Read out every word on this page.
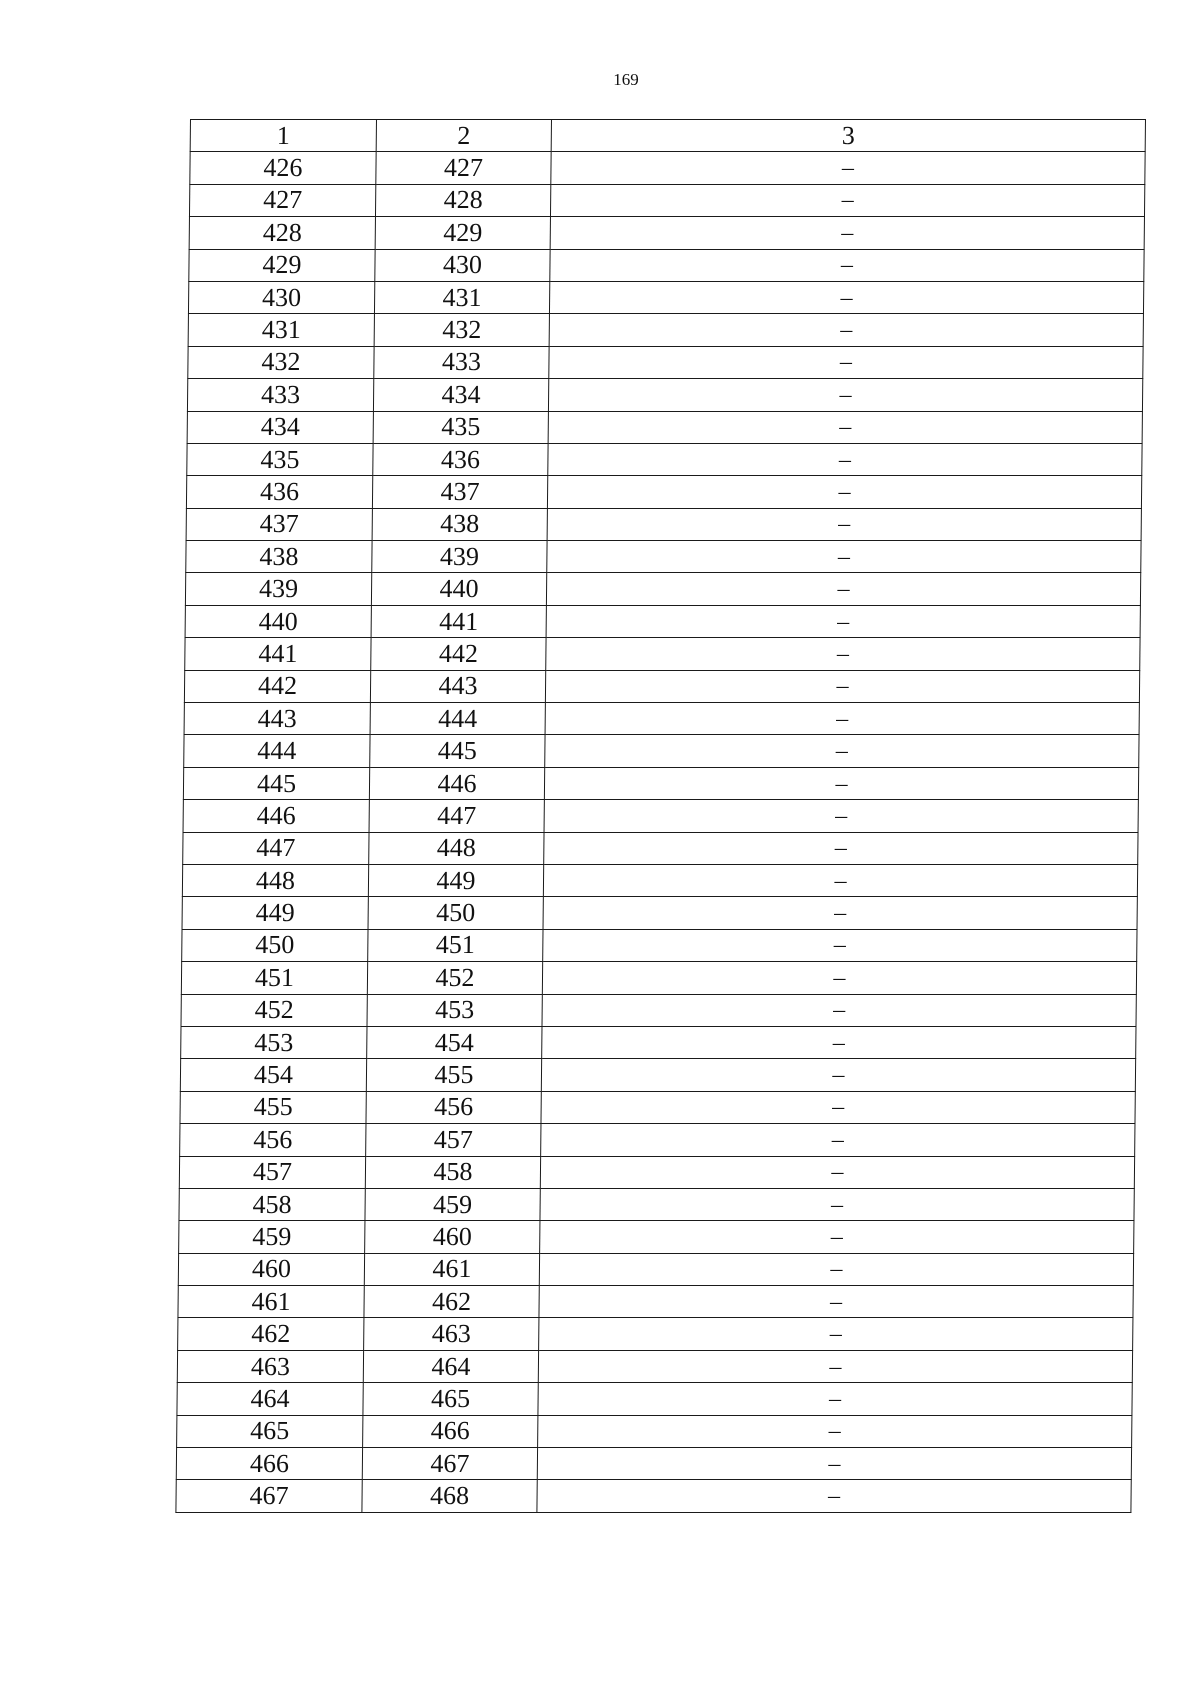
169
1	2	3
426	427	–
427	428	–
428	429	–
429	430	–
430	431	–
431	432	–
432	433	–
433	434	–
434	435	–
435	436	–
436	437	–
437	438	–
438	439	–
439	440	–
440	441	–
441	442	–
442	443	–
443	444	–
444	445	–
445	446	–
446	447	–
447	448	–
448	449	–
449	450	–
450	451	–
451	452	–
452	453	–
453	454	–
454	455	–
455	456	–
456	457	–
457	458	–
458	459	–
459	460	–
460	461	–
461	462	–
462	463	–
463	464	–
464	465	–
465	466	–
466	467	–
467	468	–
